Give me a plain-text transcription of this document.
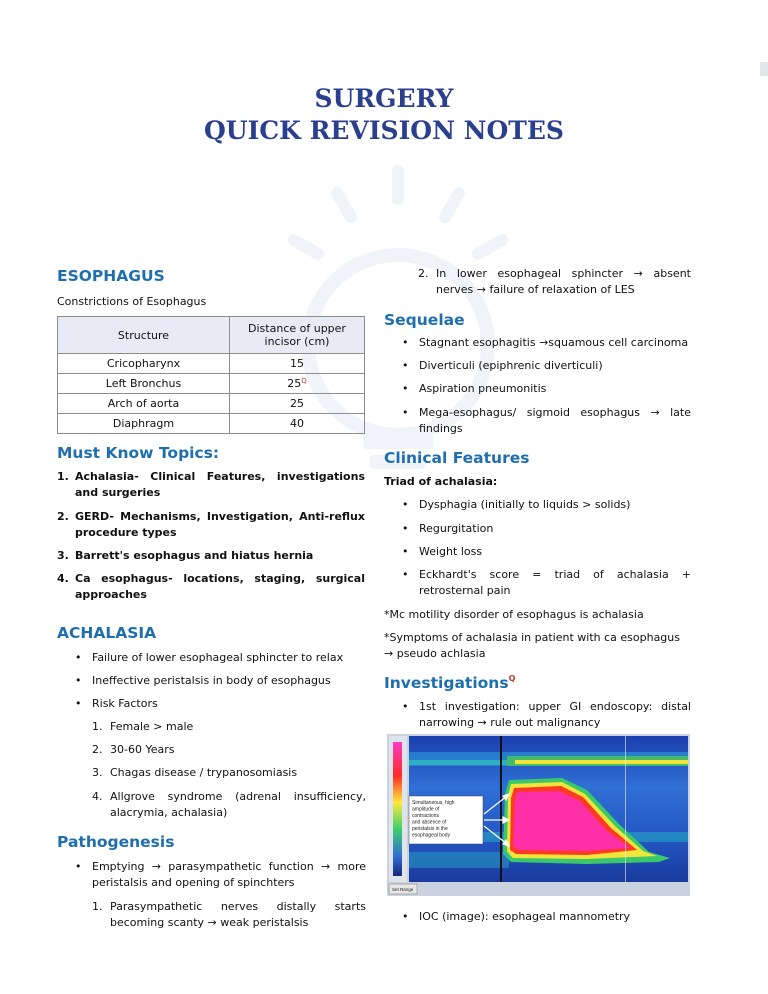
SURGERY
QUICK REVISION NOTES
ESOPHAGUS
Constrictions of Esophagus
Structure	Distance of upper incisor (cm)
Cricopharynx	15
Left Bronchus	$25^Q$
Arch of aorta	25
Diaphragm	40
Must Know Topics:
1. Achalasia- Clinical Features, investigations and surgeries
2. GERD- Mechanisms, Investigation, Anti-reflux procedure types
3. Barrett's esophagus and hiatus hernia
4. Ca esophagus- locations, staging, surgical approaches
ACHALASIA
• Failure of lower esophageal sphincter to relax
• Ineffective peristalsis in body of esophagus
• Risk Factors
1. Female > male
2. 30-60 Years
3. Chagas disease / trypanosomiasis
4. Allgrove syndrome (adrenal insufficiency, alacrymia, achalasia)
Pathogenesis
• Emptying → parasympathetic function → more peristalsis and opening of spinchters
1. Parasympathetic nerves distally starts becoming scanty → weak peristalsis
2. In lower esophageal sphincter → absent nerves → failure of relaxation of LES
Sequelae
• Stagnant esophagitis →squamous cell carcinoma
• Diverticuli (epiphrenic diverticuli)
• Aspiration pneumonitis
• Mega-esophagus/ sigmoid esophagus → late findings
Clinical Features
Triad of achalasia:
• Dysphagia (initially to liquids > solids)
• Regurgitation
• Weight loss
• Eckhardt's score = triad of achalasia + retrosternal pain
*Mc motility disorder of esophagus is achalasia
*Symptoms of achalasia in patient with ca esophagus → pseudo achlasia
Investigations$^Q$
• 1st investigation: upper GI endoscopy: distal narrowing → rule out malignancy
Simultaneous, high amplitude of contractions and absence of peristalsis in the esophageal body
Set Range
• IOC (image): esophageal mannometry
